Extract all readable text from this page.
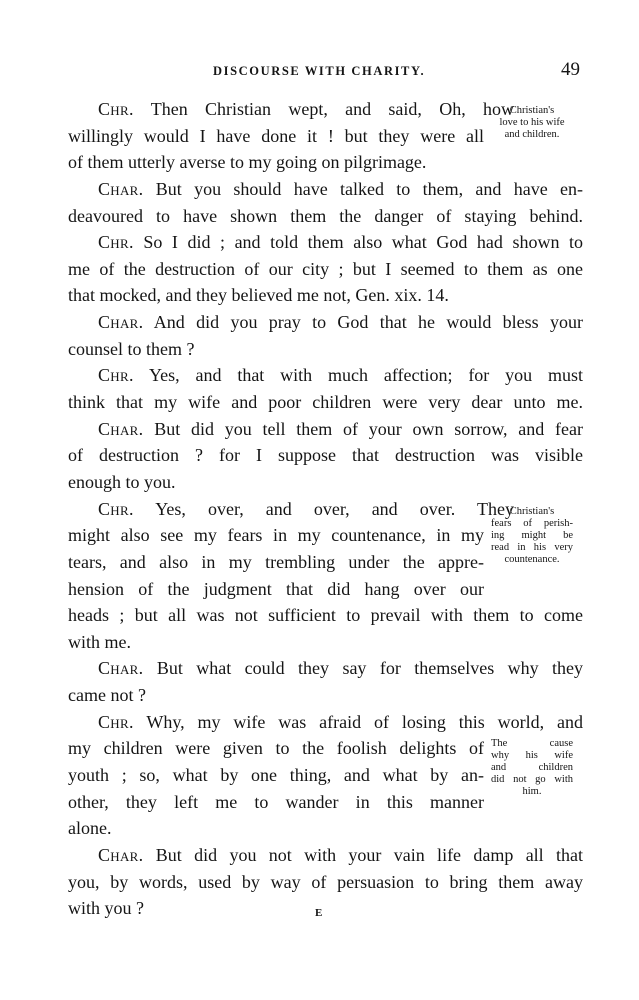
DISCOURSE WITH CHARITY.	49
Chr. Then Christian wept, and said, Oh, how
willingly would I have done it ! but they were all
of them utterly averse to my going on pilgrimage.
Char. But you should have talked to them, and have en-
deavoured to have shown them the danger of staying behind.
Chr. So I did ; and told them also what God had shown to
me of the destruction of our city ; but I seemed to them as one
that mocked, and they believed me not, Gen. xix. 14.
Char. And did you pray to God that he would bless your
counsel to them ?
Chr. Yes, and that with much affection; for you must
think that my wife and poor children were very dear unto me.
Char. But did you tell them of your own sorrow, and fear
of destruction ? for I suppose that destruction was visible
enough to you.
Chr. Yes, over, and over, and over. They
might also see my fears in my countenance, in my
tears, and also in my trembling under the appre-
hension of the judgment that did hang over our
heads ; but all was not sufficient to prevail with them to come
with me.
Char. But what could they say for themselves why they
came not ?
Chr. Why, my wife was afraid of losing this world, and
my children were given to the foolish delights of
youth ; so, what by one thing, and what by an-
other, they left me to wander in this manner
alone.
Char. But did you not with your vain life damp all that
you, by words, used by way of persuasion to bring them away
with you ?
Christian's
love to his wife
and children.
Christian's
fears of perish-
ing might be
read in his very
countenance.
The cause
why his wife
and children
did not go with
him.
E
